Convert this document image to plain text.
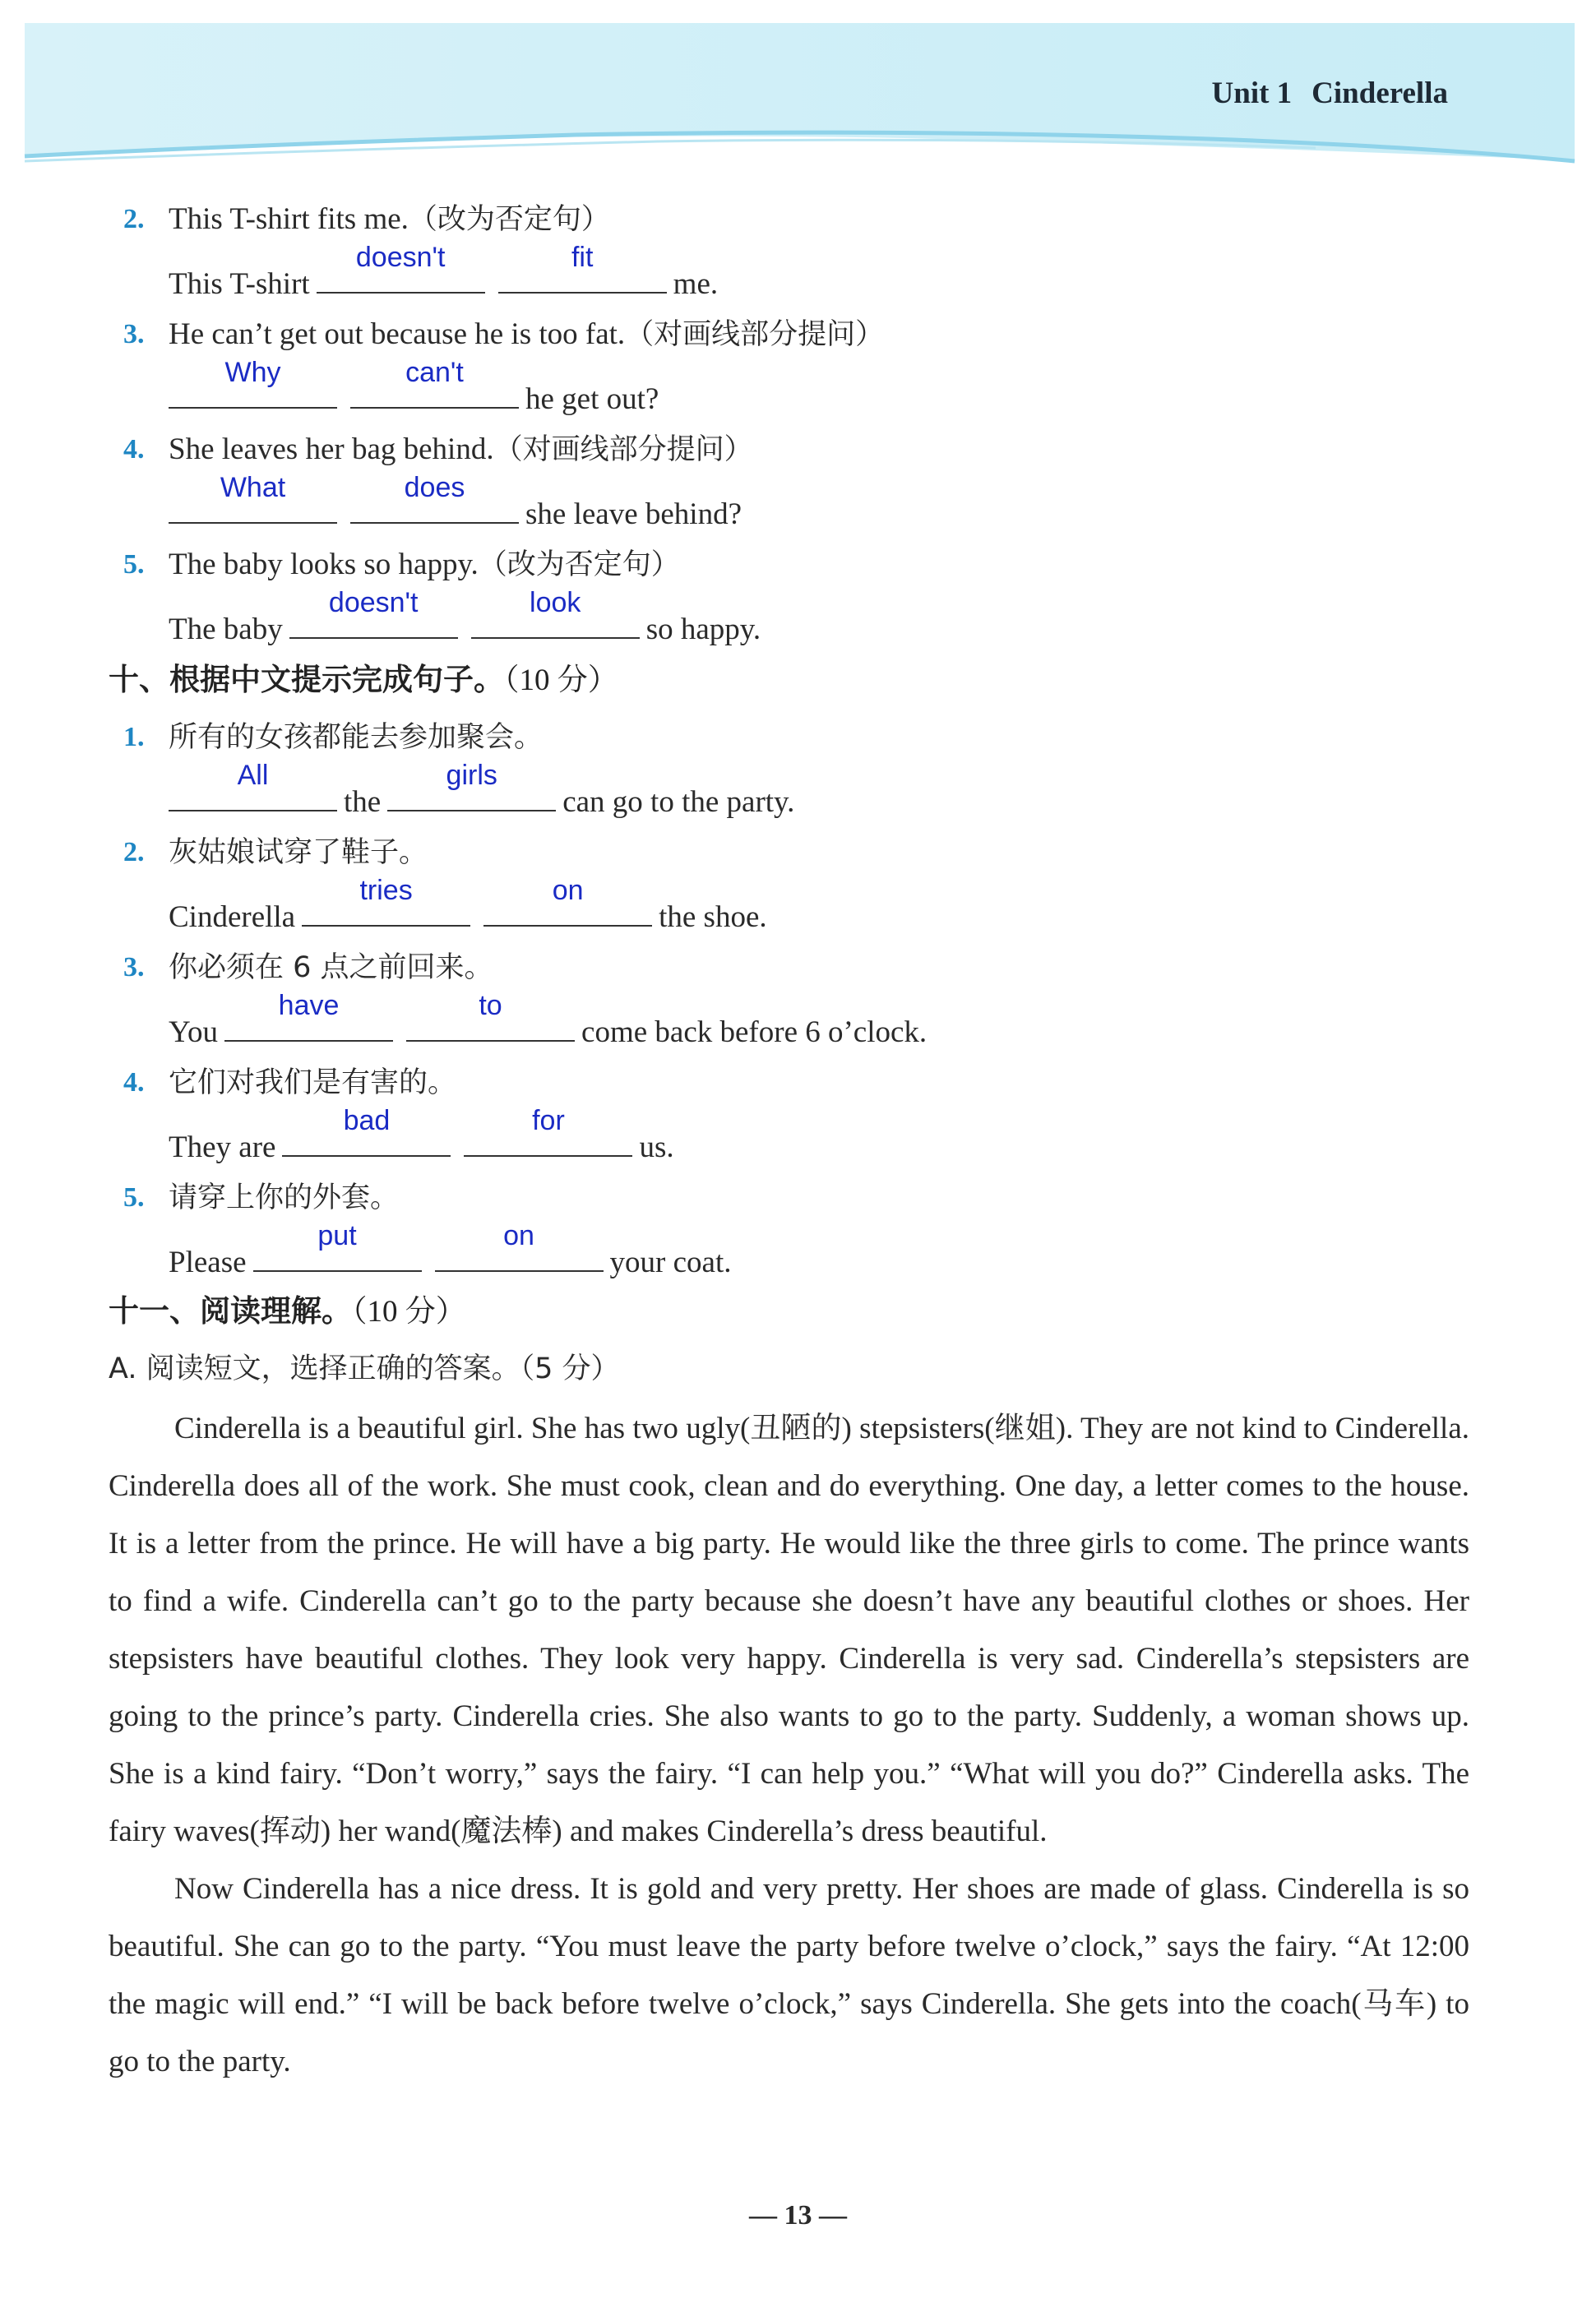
Unit 1 Cinderella
2. This T-shirt fits me.（改为否定句）
This T-shirt
doesn't	fit
me.
3. He can’t get out because he is too fat.（对画线部分提问）
Why	can't
he get out?
4. She leaves her bag behind.（对画线部分提问）
What	does
she leave behind?
5. The baby looks so happy.（改为否定句）
The baby
doesn't	look
so happy.
十、根据中文提示完成句子。（10 分）
1. 所有的女孩都能去参加聚会。
All
the
girls
can go to the party.
2. 灰姑娘试穿了鞋子。
Cinderella
tries	on
the shoe.
3. 你必须在 6 点之前回来。
You
have	to
come back before 6 o’clock.
4. 它们对我们是有害的。
They are
bad	for
us.
5. 请穿上你的外套。
Please
put	on
your coat.
十一、阅读理解。（10 分）
A. 阅读短文，选择正确的答案。（5 分）

Cinderella is a beautiful girl. She has two ugly(丑陋的) stepsisters(继姐). They are not kind to Cinderella. Cinderella does all of the work. She must cook, clean and do everything. One day, a letter comes to the house. It is a letter from the prince. He will have a big party. He would like the three girls to come. The prince wants to find a wife. Cinderella can’t go to the party because she doesn’t have any beautiful clothes or shoes. Her stepsisters have beautiful clothes. They look very happy. Cinderella is very sad. Cinderella’s stepsisters are going to the prince’s party. Cinderella cries. She also wants to go to the party. Suddenly, a woman shows up. She is a kind fairy. “Don’t worry,” says the fairy. “I can help you.” “What will you do?” Cinderella asks. The fairy waves(挥动) her wand(魔法棒) and makes Cinderella’s dress beautiful.

Now Cinderella has a nice dress. It is gold and very pretty. Her shoes are made of glass. Cinderella is so beautiful. She can go to the party. “You must leave the party before twelve o’clock,” says the fairy. “At 12:00 the magic will end.” “I will be back before twelve o’clock,” says Cinderella. She gets into the coach(马车) to go to the party.

— 13 —
